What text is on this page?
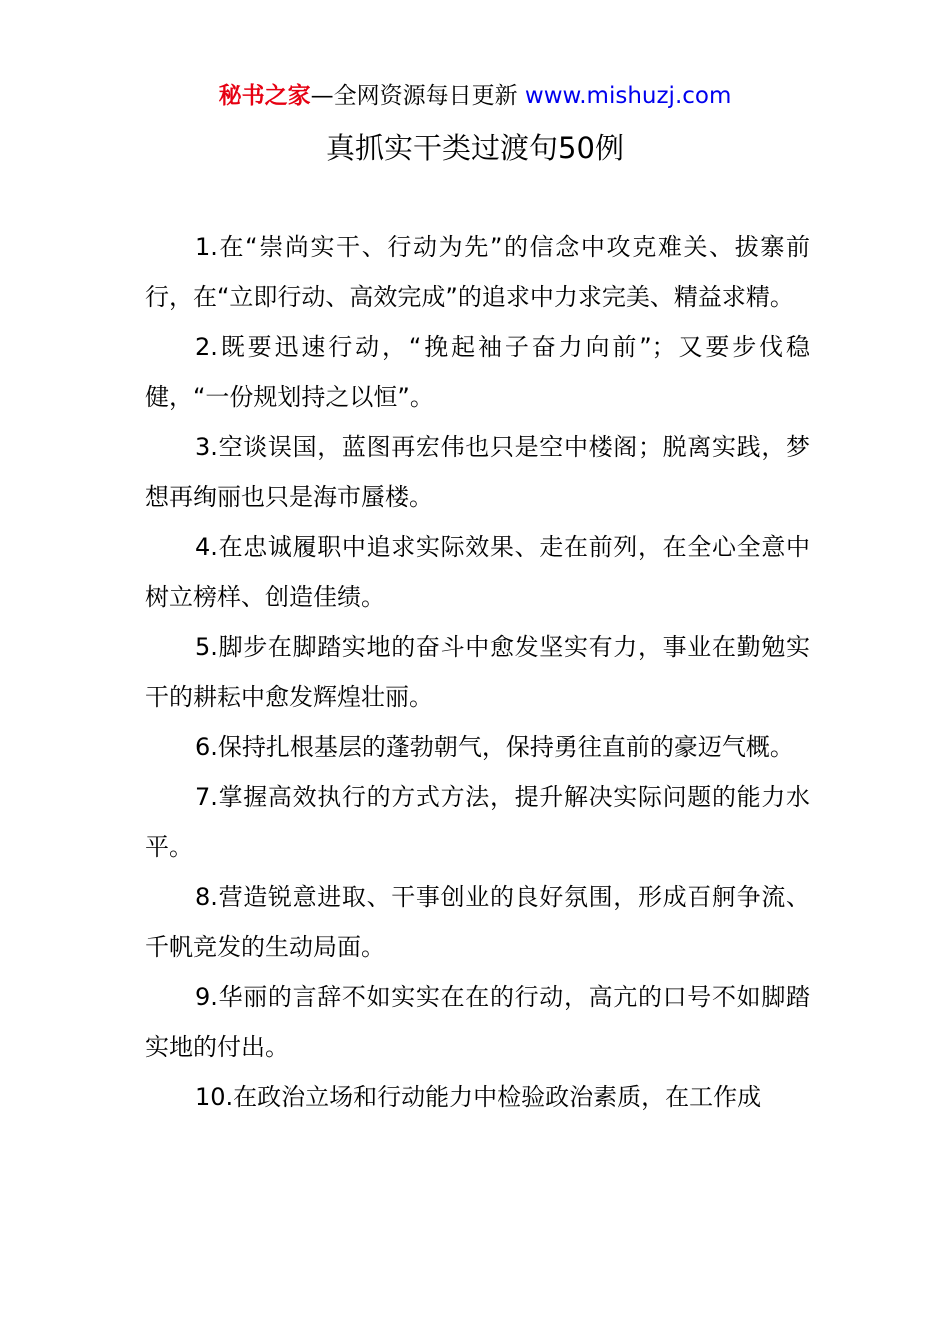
秘书之家—全网资源每日更新 www.mishuzj.com
真抓实干类过渡句50例

1.在“崇尚实干、行动为先”的信念中攻克难关、拔寨前行，在“立即行动、高效完成”的追求中力求完美、精益求精。

2.既要迅速行动，“挽起袖子奋力向前”；又要步伐稳健，“一份规划持之以恒”。

3.空谈误国，蓝图再宏伟也只是空中楼阁；脱离实践，梦想再绚丽也只是海市蜃楼。

4.在忠诚履职中追求实际效果、走在前列，在全心全意中树立榜样、创造佳绩。

5.脚步在脚踏实地的奋斗中愈发坚实有力，事业在勤勉实干的耕耘中愈发辉煌壮丽。

6.保持扎根基层的蓬勃朝气，保持勇往直前的豪迈气概。

7.掌握高效执行的方式方法，提升解决实际问题的能力水平。

8.营造锐意进取、干事创业的良好氛围，形成百舸争流、千帆竞发的生动局面。

9.华丽的言辞不如实实在在的行动，高亢的口号不如脚踏实地的付出。

10.在政治立场和行动能力中检验政治素质，在工作成
